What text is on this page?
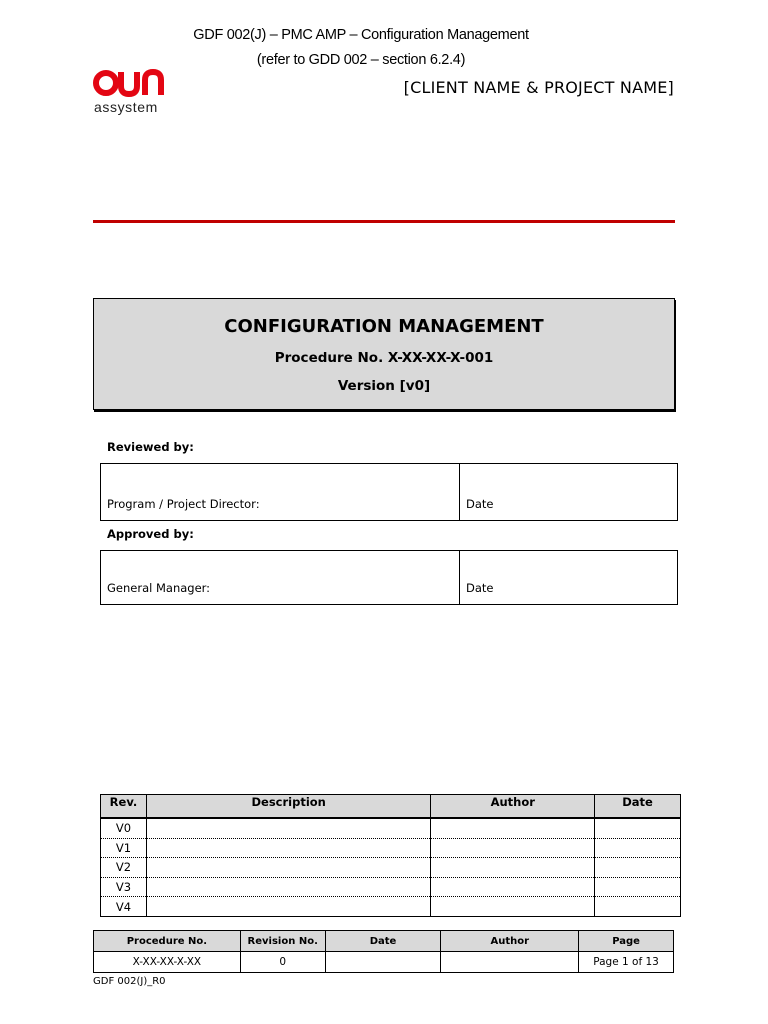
GDF 002(J) – PMC AMP – Configuration Management
(refer to GDD 002 – section 6.2.4)
assystem
[CLIENT NAME & PROJECT NAME]
CONFIGURATION MANAGEMENT
Procedure No. X-XX-XX-X-001
Version [v0]
Reviewed by:
Program / Project Director:	Date
Approved by:
General Manager:	Date
Rev.	Description	Author	Date
V0			
V1			
V2			
V3			
V4			
Procedure No.	Revision No.	Date	Author	Page
X-XX-XX-X-XX	0			Page 1 of 13
GDF 002(J)_R0
